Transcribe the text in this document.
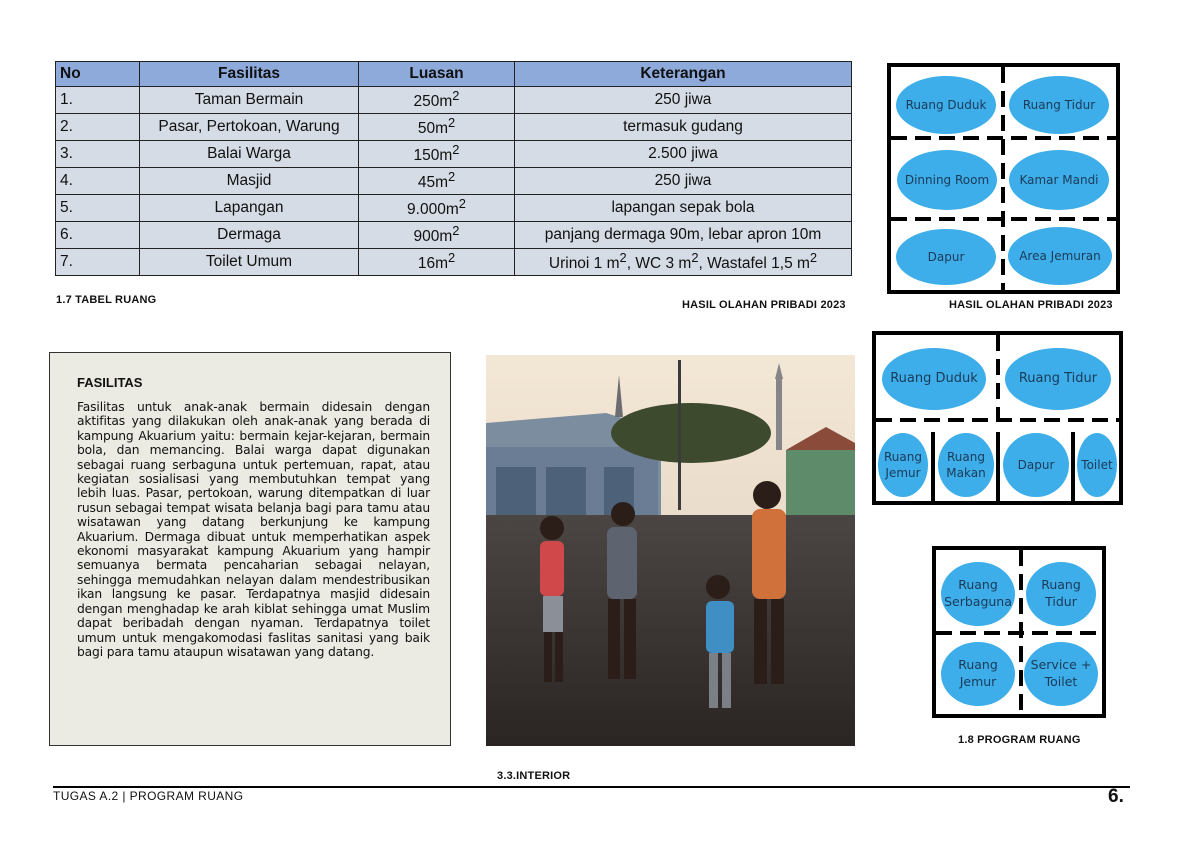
No	Fasilitas	Luasan	Keterangan
1.	Taman Bermain	$250m^2$	250 jiwa
2.	Pasar, Pertokoan, Warung	$50m^2$	termasuk gudang
3.	Balai Warga	$150m^2$	2.500 jiwa
4.	Masjid	$45m^2$	250 jiwa
5.	Lapangan	$9.000m^2$	lapangan sepak bola
6.	Dermaga	$900m^2$	panjang dermaga 90m, lebar apron 10m
7.	Toilet Umum	$16m^2$	Urinoi 1 $m^2$, WC 3 $m^2$, Wastafel 1,5 $m^2$
1.7 TABEL RUANG	HASIL OLAHAN PRIBADI 2023
Ruang Duduk	Ruang Tidur
Dinning Room	Kamar Mandi
Dapur	Area Jemuran
HASIL OLAHAN PRIBADI 2023
Ruang Duduk	Ruang Tidur
Ruang Jemur
Ruang Makan
Dapur	Toilet
Ruang Serbaguna
Ruang Tidur
Ruang Jemur
Service + Toilet
1.8 PROGRAM RUANG
FASILITAS
Fasilitas untuk anak-anak bermain didesain dengan aktifitas yang dilakukan oleh anak-anak yang berada di kampung Akuarium yaitu: bermain kejar-kejaran, bermain bola, dan memancing. Balai warga dapat digunakan sebagai ruang serbaguna untuk pertemuan, rapat, atau kegiatan sosialisasi yang membutuhkan tempat yang lebih luas. Pasar, pertokoan, warung ditempatkan di luar rusun sebagai tempat wisata belanja bagi para tamu atau wisatawan yang datang berkunjung ke kampung Akuarium. Dermaga dibuat untuk memperhatikan aspek ekonomi masyarakat kampung Akuarium yang hampir semuanya bermata pencaharian sebagai nelayan, sehingga memudahkan nelayan dalam mendestribusikan ikan langsung ke pasar. Terdapatnya masjid didesain dengan menghadap ke arah kiblat sehingga umat Muslim dapat beribadah dengan nyaman. Terdapatnya toilet umum untuk mengakomodasi faslitas sanitasi yang baik bagi para tamu ataupun wisatawan yang datang.
3.3.INTERIOR
TUGAS A.2 | PROGRAM RUANG	6.
